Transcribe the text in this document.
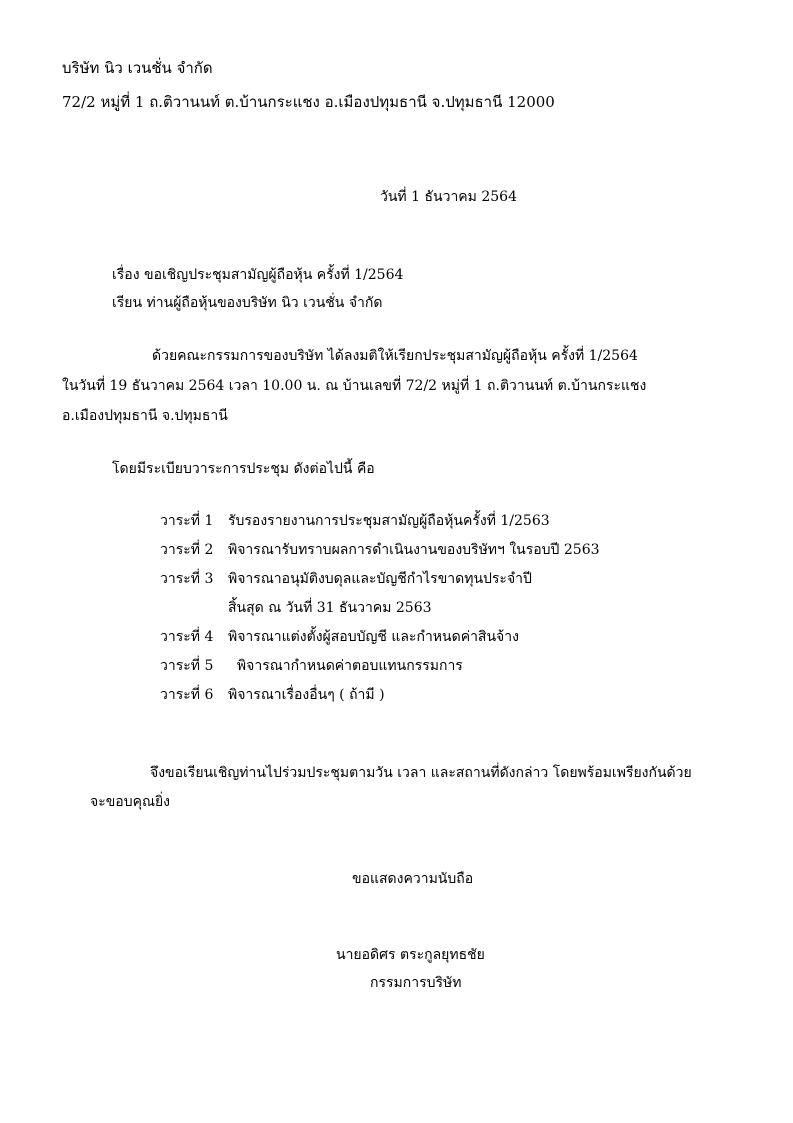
บริษัท นิว เวนชั่น จำกัด
72/2 หมู่ที่ 1 ถ.ติวานนท์ ต.บ้านกระแชง อ.เมืองปทุมธานี จ.ปทุมธานี 12000
วันที่ 1 ธันวาคม 2564
เรื่อง ขอเชิญประชุมสามัญผู้ถือหุ้น ครั้งที่ 1/2564
เรียน ท่านผู้ถือหุ้นของบริษัท นิว เวนชั่น จำกัด
ด้วยคณะกรรมการของบริษัท ได้ลงมติให้เรียกประชุมสามัญผู้ถือหุ้น ครั้งที่ 1/2564
ในวันที่ 19 ธันวาคม 2564 เวลา 10.00 น. ณ บ้านเลขที่ 72/2 หมู่ที่ 1 ถ.ติวานนท์ ต.บ้านกระแชง
อ.เมืองปทุมธานี จ.ปทุมธานี
โดยมีระเบียบวาระการประชุม ดังต่อไปนี้ คือ
วาระที่ 1 รับรองรายงานการประชุมสามัญผู้ถือหุ้นครั้งที่ 1/2563
วาระที่ 2 พิจารณารับทราบผลการดำเนินงานของบริษัทฯ ในรอบปี 2563
วาระที่ 3 พิจารณาอนุมัติงบดุลและบัญชีกำไรขาดทุนประจำปี
สิ้นสุด ณ วันที่ 31 ธันวาคม 2563
วาระที่ 4 พิจารณาแต่งตั้งผู้สอบบัญชี และกำหนดค่าสินจ้าง
วาระที่ 5 พิจารณากำหนดค่าตอบแทนกรรมการ
วาระที่ 6 พิจารณาเรื่องอื่นๆ ( ถ้ามี )
จึงขอเรียนเชิญท่านไปร่วมประชุมตามวัน เวลา และสถานที่ดังกล่าว โดยพร้อมเพรียงกันด้วย
จะขอบคุณยิ่ง
ขอแสดงความนับถือ
นายอดิศร ตระกูลยุทธชัย
กรรมการบริษัท
